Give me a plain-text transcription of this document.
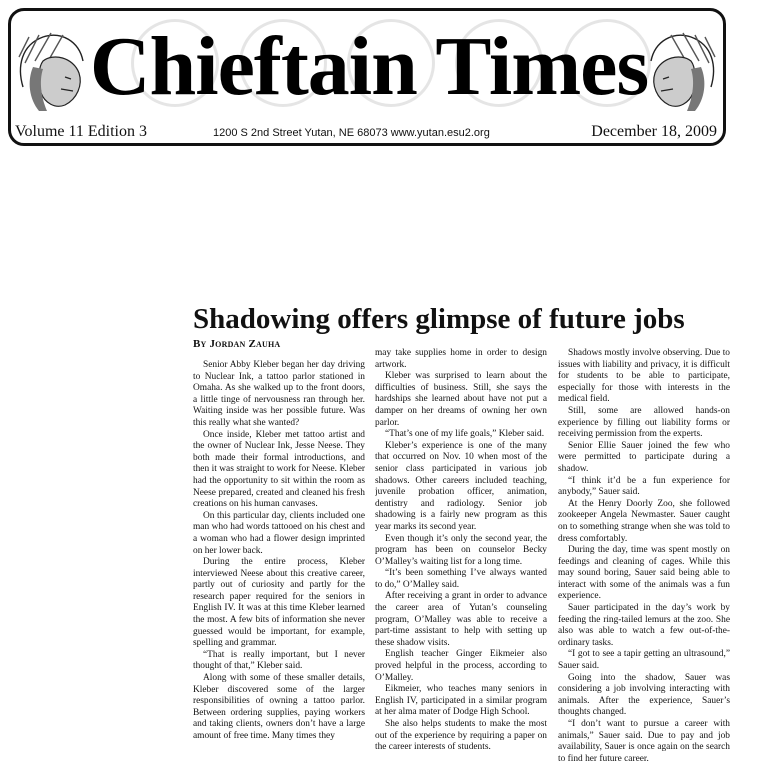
Chieftain Times
Volume 11 Edition 3	1200 S 2nd Street Yutan, NE 68073 www.yutan.esu2.org	December 18, 2009
Shadowing offers glimpse of future jobs
By Jordan Zauha

Senior Abby Kleber began her day driving to Nuclear Ink, a tattoo parlor stationed in Omaha. As she walked up to the front doors, a little tinge of nervousness ran through her. Waiting inside was her possible future. Was this really what she wanted?

Once inside, Kleber met tattoo artist and the owner of Nuclear Ink, Jesse Neese. They both made their formal introductions, and then it was straight to work for Neese. Kleber had the opportunity to sit within the room as Neese prepared, created and cleaned his fresh creations on his human canvases.

On this particular day, clients included one man who had words tattooed on his chest and a woman who had a flower design imprinted on her lower back.

During the entire process, Kleber interviewed Neese about this creative career, partly out of curiosity and partly for the research paper required for the seniors in English IV. It was at this time Kleber learned the most. A few bits of information she never guessed would be important, for example, spelling and grammar.

“That is really important, but I never thought of that,” Kleber said.

Along with some of these smaller details, Kleber discovered some of the larger responsibilities of owning a tattoo parlor. Between ordering supplies, paying workers and taking clients, owners don’t have a large amount of free time. Many times they

may take supplies home in order to design artwork.

Kleber was surprised to learn about the difficulties of business. Still, she says the hardships she learned about have not put a damper on her dreams of owning her own parlor.

“That’s one of my life goals,” Kleber said.

Kleber’s experience is one of the many that occurred on Nov. 10 when most of the senior class participated in various job shadows. Other careers included teaching, juvenile probation officer, animation, dentistry and radiology. Senior job shadowing is a fairly new program as this year marks its second year.

Even though it’s only the second year, the program has been on counselor Becky O’Malley’s waiting list for a long time.

“It’s been something I’ve always wanted to do,” O’Malley said.

After receiving a grant in order to advance the career area of Yutan’s counseling program, O’Malley was able to receive a part-time assistant to help with setting up these shadow visits.

English teacher Ginger Eikmeier also proved helpful in the process, according to O’Malley.

Eikmeier, who teaches many seniors in English IV, participated in a similar program at her alma mater of Dodge High School.

She also helps students to make the most out of the experience by requiring a paper on the career interests of students.

Shadows mostly involve observing. Due to issues with liability and privacy, it is difficult for students to be able to participate, especially for those with interests in the medical field.

Still, some are allowed hands-on experience by filling out liability forms or receiving permission from the experts.

Senior Ellie Sauer joined the few who were permitted to participate during a shadow.

“I think it’d be a fun experience for anybody,” Sauer said.

At the Henry Doorly Zoo, she followed zookeeper Angela Newmaster. Sauer caught on to something strange when she was told to dress comfortably.

During the day, time was spent mostly on feedings and cleaning of cages. While this may sound boring, Sauer said being able to interact with some of the animals was a fun experience.

Sauer participated in the day’s work by feeding the ring-tailed lemurs at the zoo. She also was able to watch a few out-of-the-ordinary tasks.

“I got to see a tapir getting an ultrasound,” Sauer said.

Going into the shadow, Sauer was considering a job involving interacting with animals. After the experience, Sauer’s thoughts changed.

“I don’t want to pursue a career with animals,” Sauer said. Due to pay and job availability, Sauer is once again on the search to find her future career.
